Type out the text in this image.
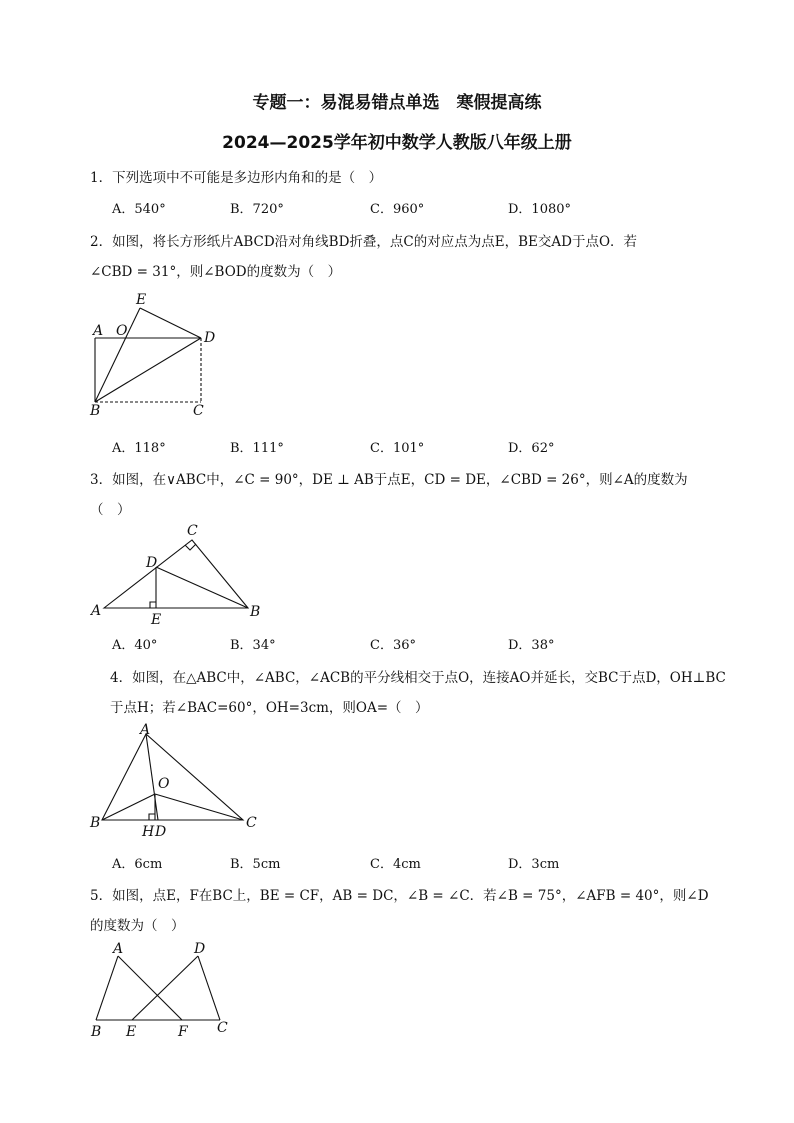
专题一：易混易错点单选　寒假提高练
2024—2025学年初中数学人教版八年级上册
1．下列选项中不可能是多边形内角和的是（　）
A．540°	B．720°	C．960°	D．1080°
2．如图，将长方形纸片ABCD沿对角线BD折叠，点C的对应点为点E，BE交AD于点O．若
∠CBD = 31°，则∠BOD的度数为（　）
E
A O	D
B	C
A．118°	B．111°	C．101°	D．62°
3．如图，在∨ABC中，∠C = 90°，DE ⊥ AB于点E，CD = DE，∠CBD = 26°，则∠A的度数为
（　）
C
D
A
E	B
A．40°	B．34°	C．36°	D．38°
4．如图，在△ABC中，∠ABC，∠ACB的平分线相交于点O，连接AO并延长，交BC于点D，OH⊥BC
于点H；若∠BAC=60°，OH=3cm，则OA=（　）
A
O
B
H D
C
A．6cm	B．5cm	C．4cm	D．3cm
5．如图，点E，F在BC上，BE = CF，AB = DC，∠B = ∠C．若∠B = 75°，∠AFB = 40°，则∠D
的度数为（　）
A	D
B E	F C
